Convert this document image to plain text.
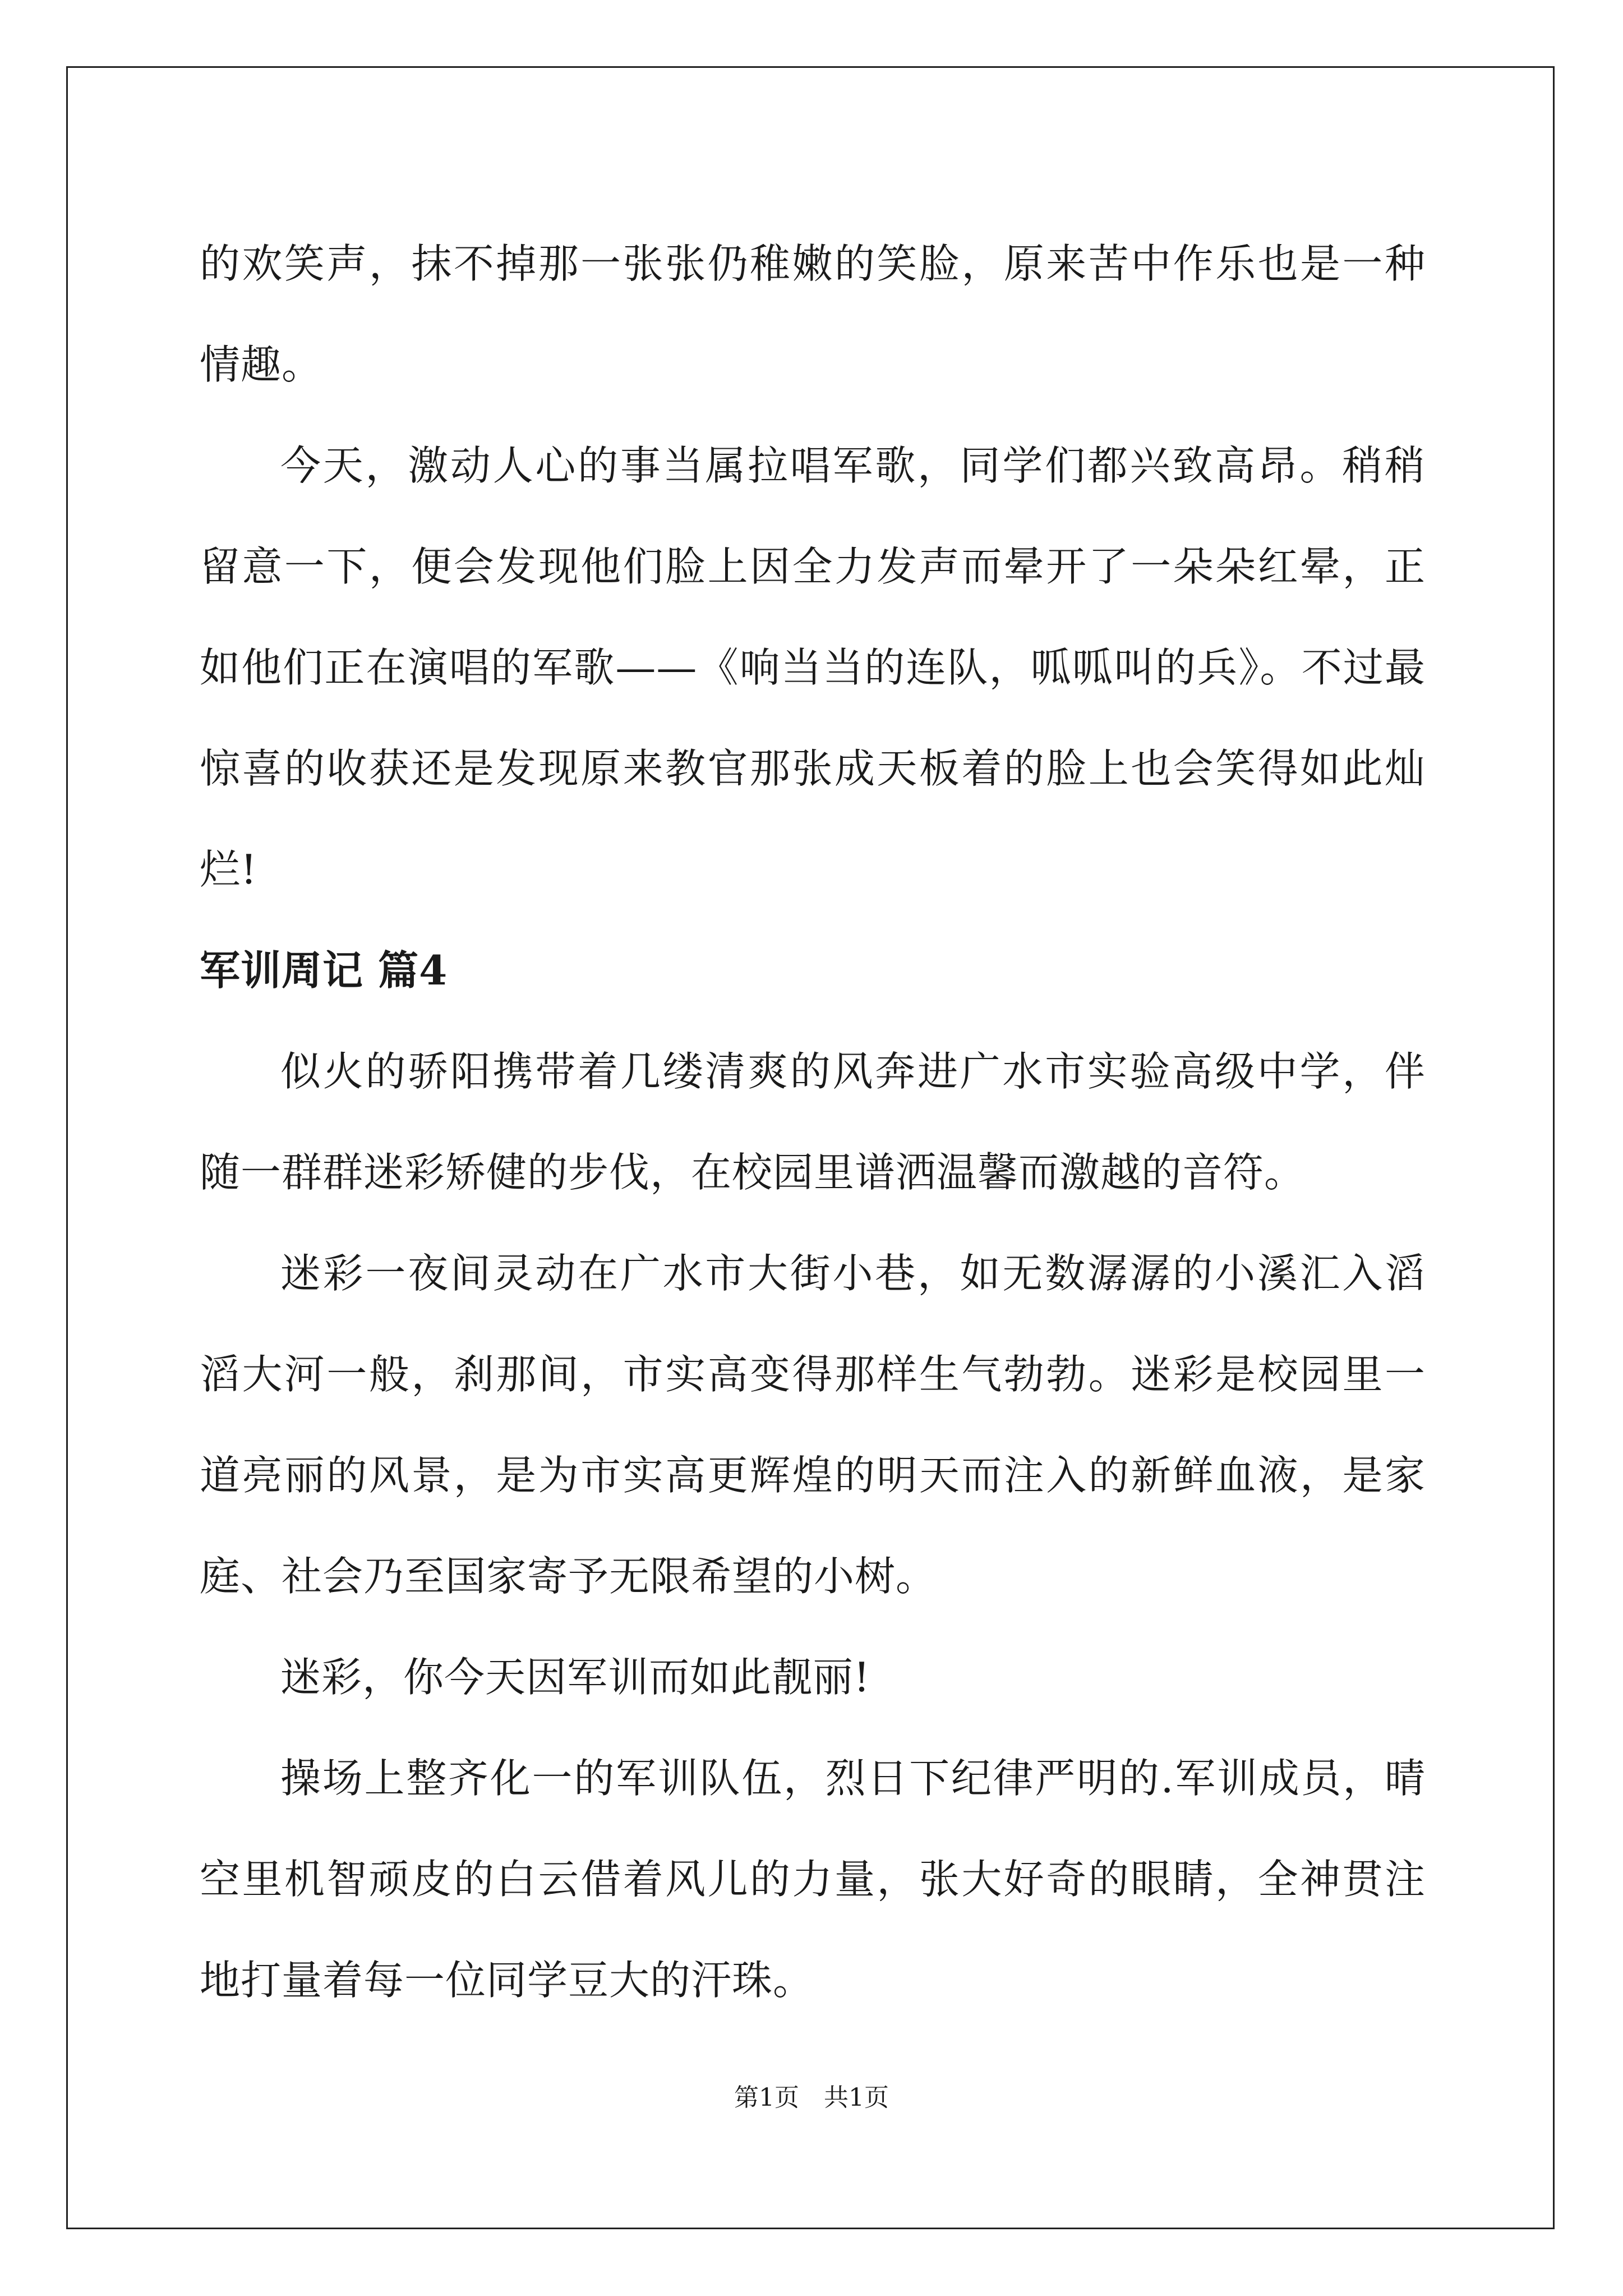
的欢笑声，抹不掉那一张张仍稚嫩的笑脸，原来苦中作乐也是一种情趣。

今天，激动人心的事当属拉唱军歌，同学们都兴致高昂。稍稍留意一下，便会发现他们脸上因全力发声而晕开了一朵朵红晕，正如他们正在演唱的军歌——《响当当的连队，呱呱叫的兵》。不过最惊喜的收获还是发现原来教官那张成天板着的脸上也会笑得如此灿烂!

军训周记 篇4

似火的骄阳携带着几缕清爽的风奔进广水市实验高级中学，伴随一群群迷彩矫健的步伐，在校园里谱洒温馨而激越的音符。

迷彩一夜间灵动在广水市大街小巷，如无数潺潺的小溪汇入滔滔大河一般，刹那间，市实高变得那样生气勃勃。迷彩是校园里一道亮丽的风景，是为市实高更辉煌的明天而注入的新鲜血液，是家庭、社会乃至国家寄予无限希望的小树。

迷彩，你今天因军训而如此靓丽!

操场上整齐化一的军训队伍，烈日下纪律严明的.军训成员，晴空里机智顽皮的白云借着风儿的力量，张大好奇的眼睛，全神贯注地打量着每一位同学豆大的汗珠。

第1页 共1页
